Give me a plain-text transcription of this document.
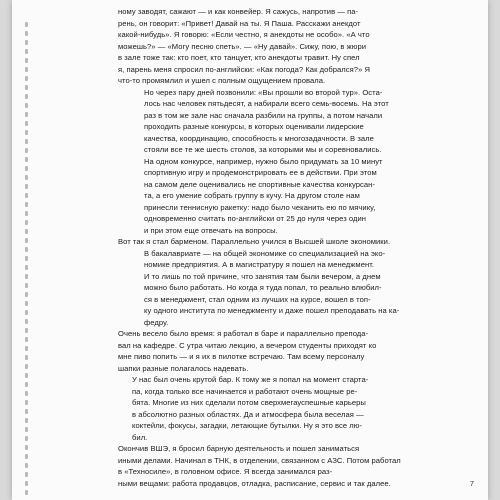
ному заводят, сажают — и как конвейер. Я сажусь, напротив — па-
рень, он говорит: «Привет! Давай на ты. Я Паша. Расскажи анекдот
какой-нибудь». Я говорю: «Если честно, я анекдоты не особо». «А что
можешь?» — «Могу песню спеть». — «Ну давай». Сижу, пою, в жюри
в зале тоже так: кто поет, кто танцует, кто анекдоты травит. Ну спел
я, парень меня спросил по-английски: «Как погода? Как добрался?» Я
что-то промямлил и ушел с полным ощущением провала.
Но через пару дней позвонили: «Вы прошли во второй тур». Оста-
лось нас человек пятьдесят, а набирали всего семь-восемь. На этот
раз в том же зале нас сначала разбили на группы, а потом начали
проходить разные конкурсы, в которых оценивали лидерские
качества, координацию, способность к многозадачности. В зале
стояли все те же шесть столов, за которыми мы и соревновались.
На одном конкурсе, например, нужно было придумать за 10 минут
спортивную игру и продемонстрировать ее в действии. При этом
на самом деле оценивались не спортивные качества конкурсан-
та, а его умение собрать группу в кучу. На другом столе нам
принесли теннисную ракетку: надо было чеканить ею по мячику,
одновременно считать по-английски от 25 до нуля через один
и при этом еще отвечать на вопросы.
Вот так я стал барменом. Параллельно учился в Высшей школе экономики.
В бакалавриате — на общей экономике со специализацией на эко-
номике предприятия. А в магистратуру я пошел на менеджмент.
И то лишь по той причине, что занятия там были вечером, а днем
можно было работать. Но когда я туда попал, то реально влюбил-
ся в менеджмент, стал одним из лучших на курсе, вошел в топ-
ку одного института по менеджменту и даже пошел преподавать на ка-
федру.
Очень весело было время: я работал в баре и параллельно препода-
вал на кафедре. С утра читаю лекцию, а вечером студенты приходят ко
мне пиво попить — и я их в пилотке встречаю. Там всему персоналу
шапки разные полагалось надевать.
У нас был очень крутой бар. К тому же я попал на момент старта-
па, когда только все начинается и работают очень мощные ре-
бята. Многие из них сделали потом сверхмегауспешные карьеры
в абсолютно разных областях. Да и атмосфера была веселая —
коктейли, фокусы, загадки, летающие бутылки. Ну я это все лю-
бил.
Окончив ВШЭ, я бросил барную деятельность и пошел заниматься
иными делами. Начинал в ТНК, в отделении, связанном с АЗС. Потом работал
в «Техносиле», в головном офисе. Я всегда занимался раз-
ными вещами: работа продавцов, отладка, расписание, сервис и так далее.	7
